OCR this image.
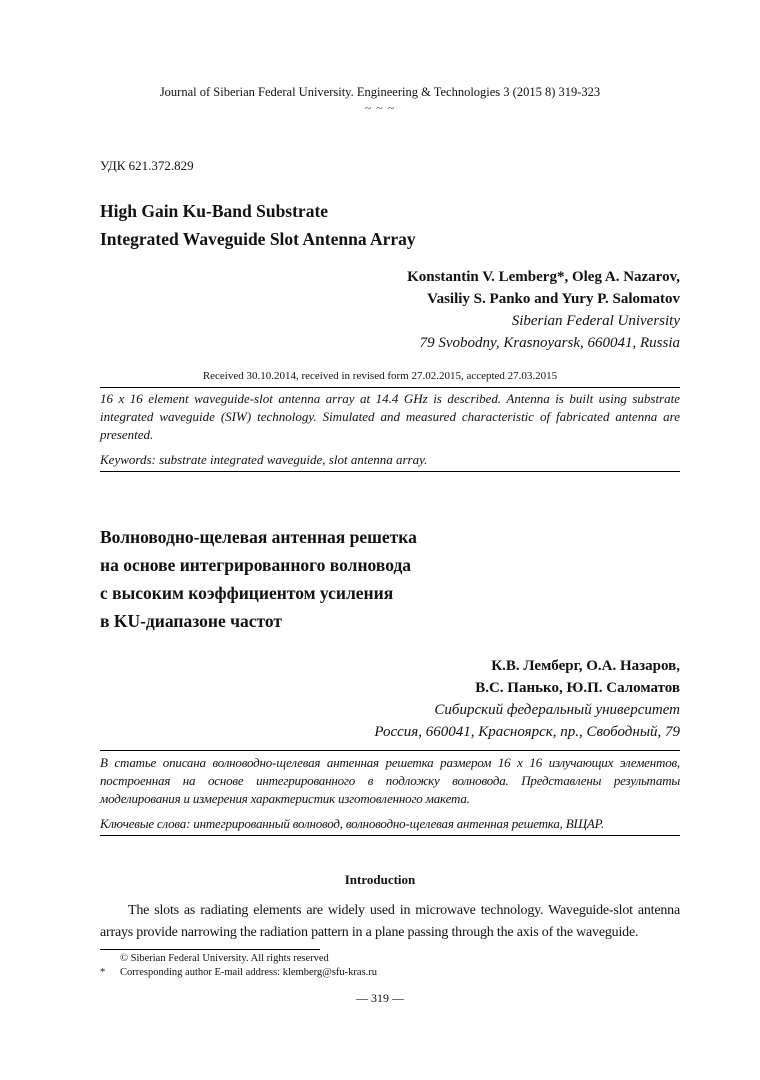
Journal of Siberian Federal University. Engineering & Technologies 3 (2015 8) 319-323
~ ~ ~
УДК 621.372.829
High Gain Ku-Band Substrate
Integrated Waveguide Slot Antenna Array
Konstantin V. Lemberg*, Oleg A. Nazarov,
Vasiliy S. Panko and Yury P. Salomatov
Siberian Federal University
79 Svobodny, Krasnoyarsk, 660041, Russia
Received 30.10.2014, received in revised form 27.02.2015, accepted 27.03.2015
16 x 16 element waveguide-slot antenna array at 14.4 GHz is described. Antenna is built using substrate integrated waveguide (SIW) technology. Simulated and measured characteristic of fabricated antenna are presented.
Keywords: substrate integrated waveguide, slot antenna array.
Волноводно-щелевая антенная решетка
на основе интегрированного волновода
с высоким коэффициентом усиления
в KU-диапазоне частот
К.В. Лемберг, О.А. Назаров,
В.С. Панько, Ю.П. Саломатов
Сибирский федеральный университет
Россия, 660041, Красноярск, пр., Свободный, 79
В статье описана волноводно-щелевая антенная решетка размером 16 х 16 излучающих элементов, построенная на основе интегрированного в подложку волновода. Представлены результаты моделирования и измерения характеристик изготовленного макета.
Ключевые слова: интегрированный волновод, волноводно-щелевая антенная решетка, ВЩАР.
Introduction
The slots as radiating elements are widely used in microwave technology. Waveguide-slot antenna arrays provide narrowing the radiation pattern in a plane passing through the axis of the waveguide.
© Siberian Federal University. All rights reserved
*	Corresponding author E-mail address: klemberg@sfu-kras.ru
— 319 —
